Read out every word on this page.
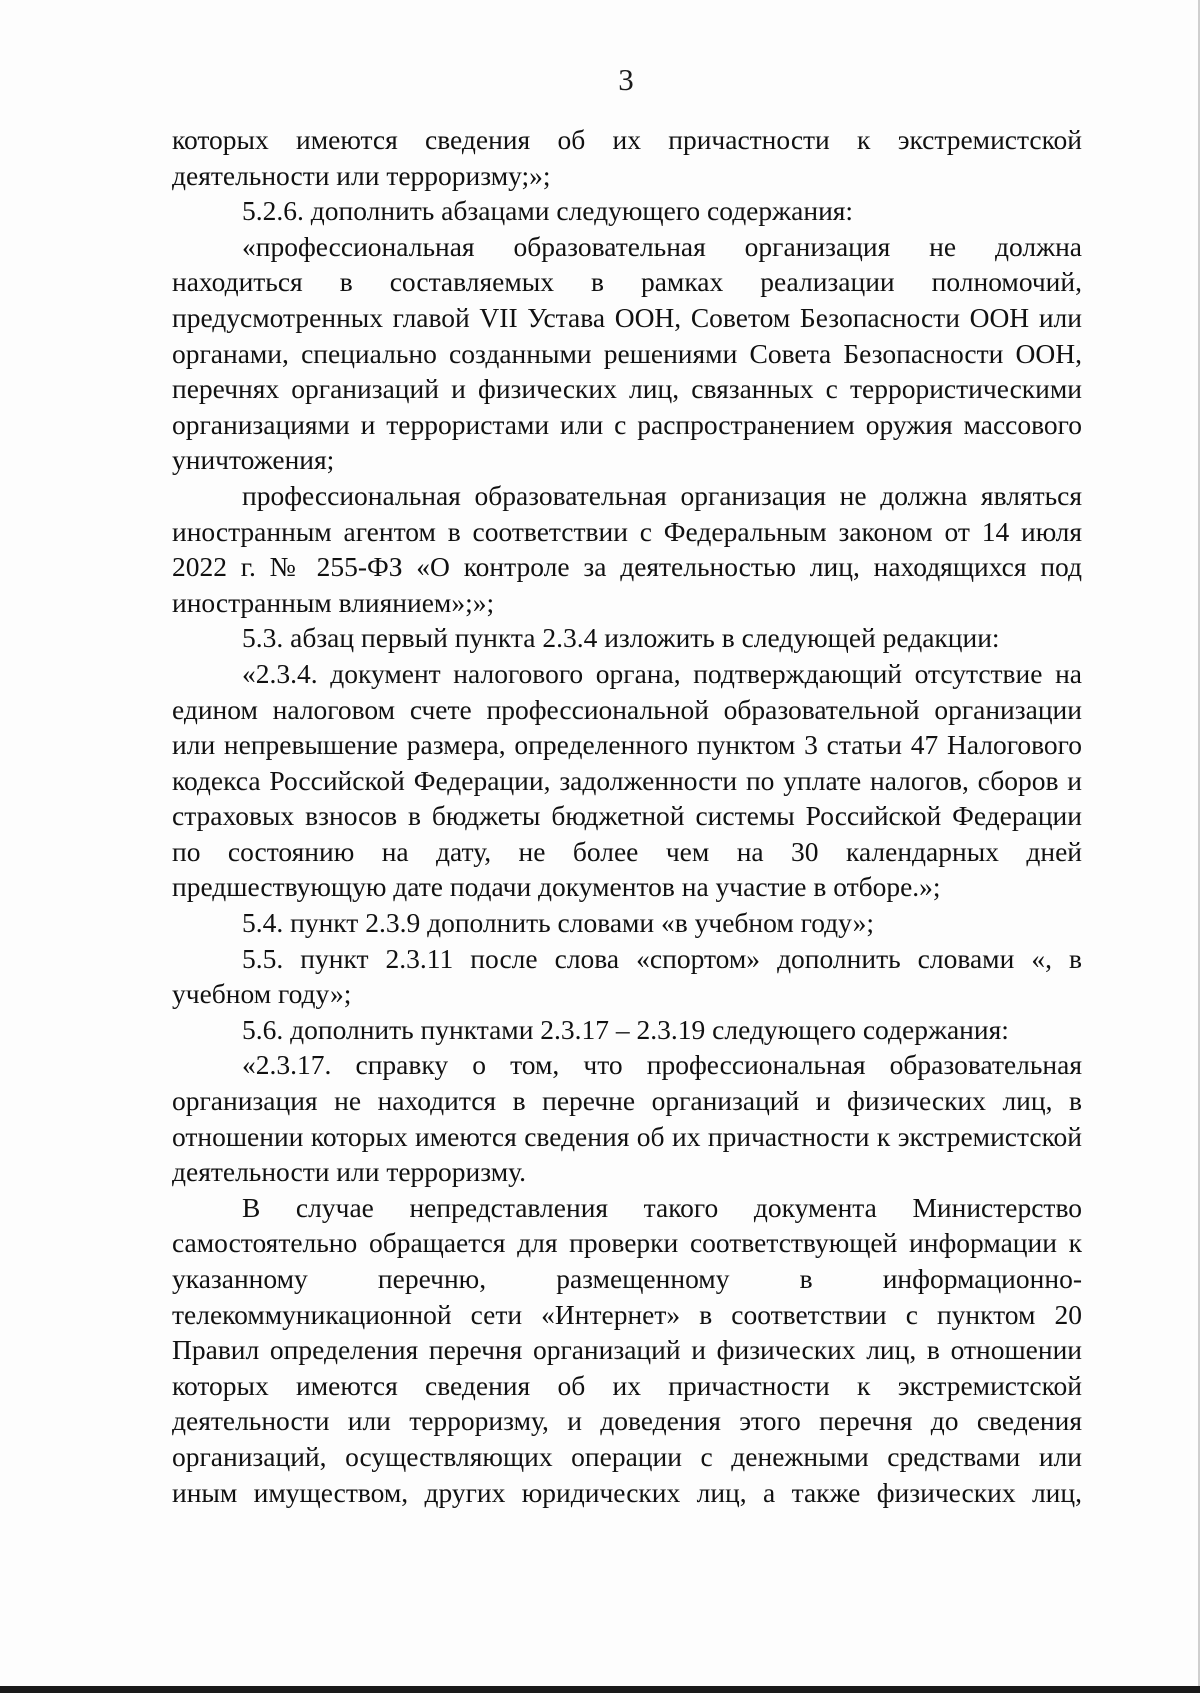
3

которых имеются сведения об их причастности к экстремистской деятельности или терроризму;»;

5.2.6. дополнить абзацами следующего содержания:

«профессиональная образовательная организация не должна находиться в составляемых в рамках реализации полномочий, предусмотренных главой VII Устава ООН, Советом Безопасности ООН или органами, специально созданными решениями Совета Безопасности ООН, перечнях организаций и физических лиц, связанных с террористическими организациями и террористами или с распространением оружия массового уничтожения;

профессиональная образовательная организация не должна являться иностранным агентом в соответствии с Федеральным законом от 14 июля 2022 г. № 255-ФЗ «О контроле за деятельностью лиц, находящихся под иностранным влиянием»;»;

5.3. абзац первый пункта 2.3.4 изложить в следующей редакции:

«2.3.4. документ налогового органа, подтверждающий отсутствие на едином налоговом счете профессиональной образовательной организации или непревышение размера, определенного пунктом 3 статьи 47 Налогового кодекса Российской Федерации, задолженности по уплате налогов, сборов и страховых взносов в бюджеты бюджетной системы Российской Федерации по состоянию на дату, не более чем на 30 календарных дней предшествующую дате подачи документов на участие в отборе.»;

5.4. пункт 2.3.9 дополнить словами «в учебном году»;

5.5. пункт 2.3.11 после слова «спортом» дополнить словами «, в учебном году»;

5.6. дополнить пунктами 2.3.17 – 2.3.19 следующего содержания:

«2.3.17. справку о том, что профессиональная образовательная организация не находится в перечне организаций и физических лиц, в отношении которых имеются сведения об их причастности к экстремистской деятельности или терроризму.

В случае непредставления такого документа Министерство самостоятельно обращается для проверки соответствующей информации к указанному перечню, размещенному в информационно-телекоммуникационной сети «Интернет» в соответствии с пунктом 20 Правил определения перечня организаций и физических лиц, в отношении которых имеются сведения об их причастности к экстремистской деятельности или терроризму, и доведения этого перечня до сведения организаций, осуществляющих операции с денежными средствами или иным имуществом, других юридических лиц, а также физических лиц,
